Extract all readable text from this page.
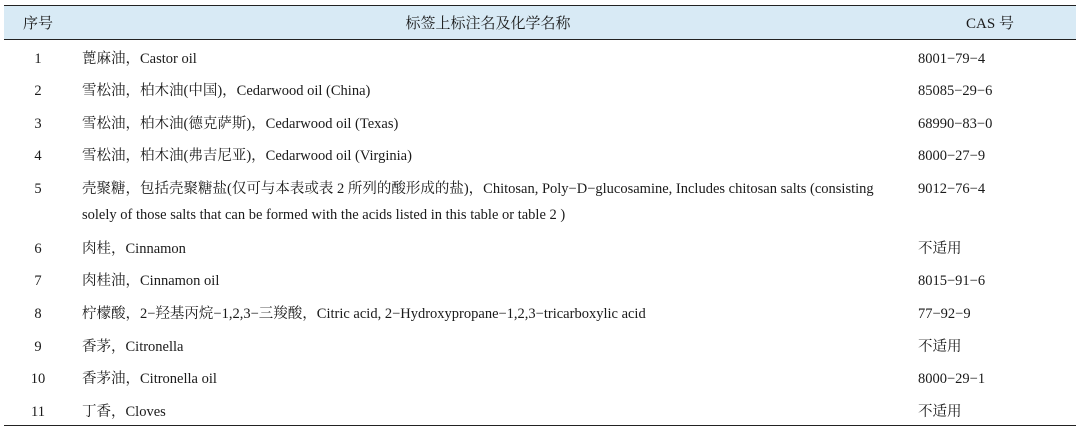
序号	标签上标注名及化学名称	CAS 号
1	蓖麻油，Castor oil	8001−79−4
2	雪松油，柏木油(中国)，Cedarwood oil (China)	85085−29−6
3	雪松油，柏木油(德克萨斯)，Cedarwood oil (Texas)	68990−83−0
4	雪松油，柏木油(弗吉尼亚)，Cedarwood oil (Virginia)	8000−27−9
5	壳聚糖，包括壳聚糖盐(仅可与本表或表 2 所列的酸形成的盐)，Chitosan, Poly−D−glucosamine, Includes chitosan salts (consisting solely of those salts that can be formed with the acids listed in this table or table 2 )	9012−76−4
6	肉桂，Cinnamon	不适用
7	肉桂油，Cinnamon oil	8015−91−6
8	柠檬酸，2−羟基丙烷−1,2,3−三羧酸，Citric acid, 2−Hydroxypropane−1,2,3−tricarboxylic acid	77−92−9
9	香茅，Citronella	不适用
10	香茅油，Citronella oil	8000−29−1
11	丁香，Cloves	不适用
